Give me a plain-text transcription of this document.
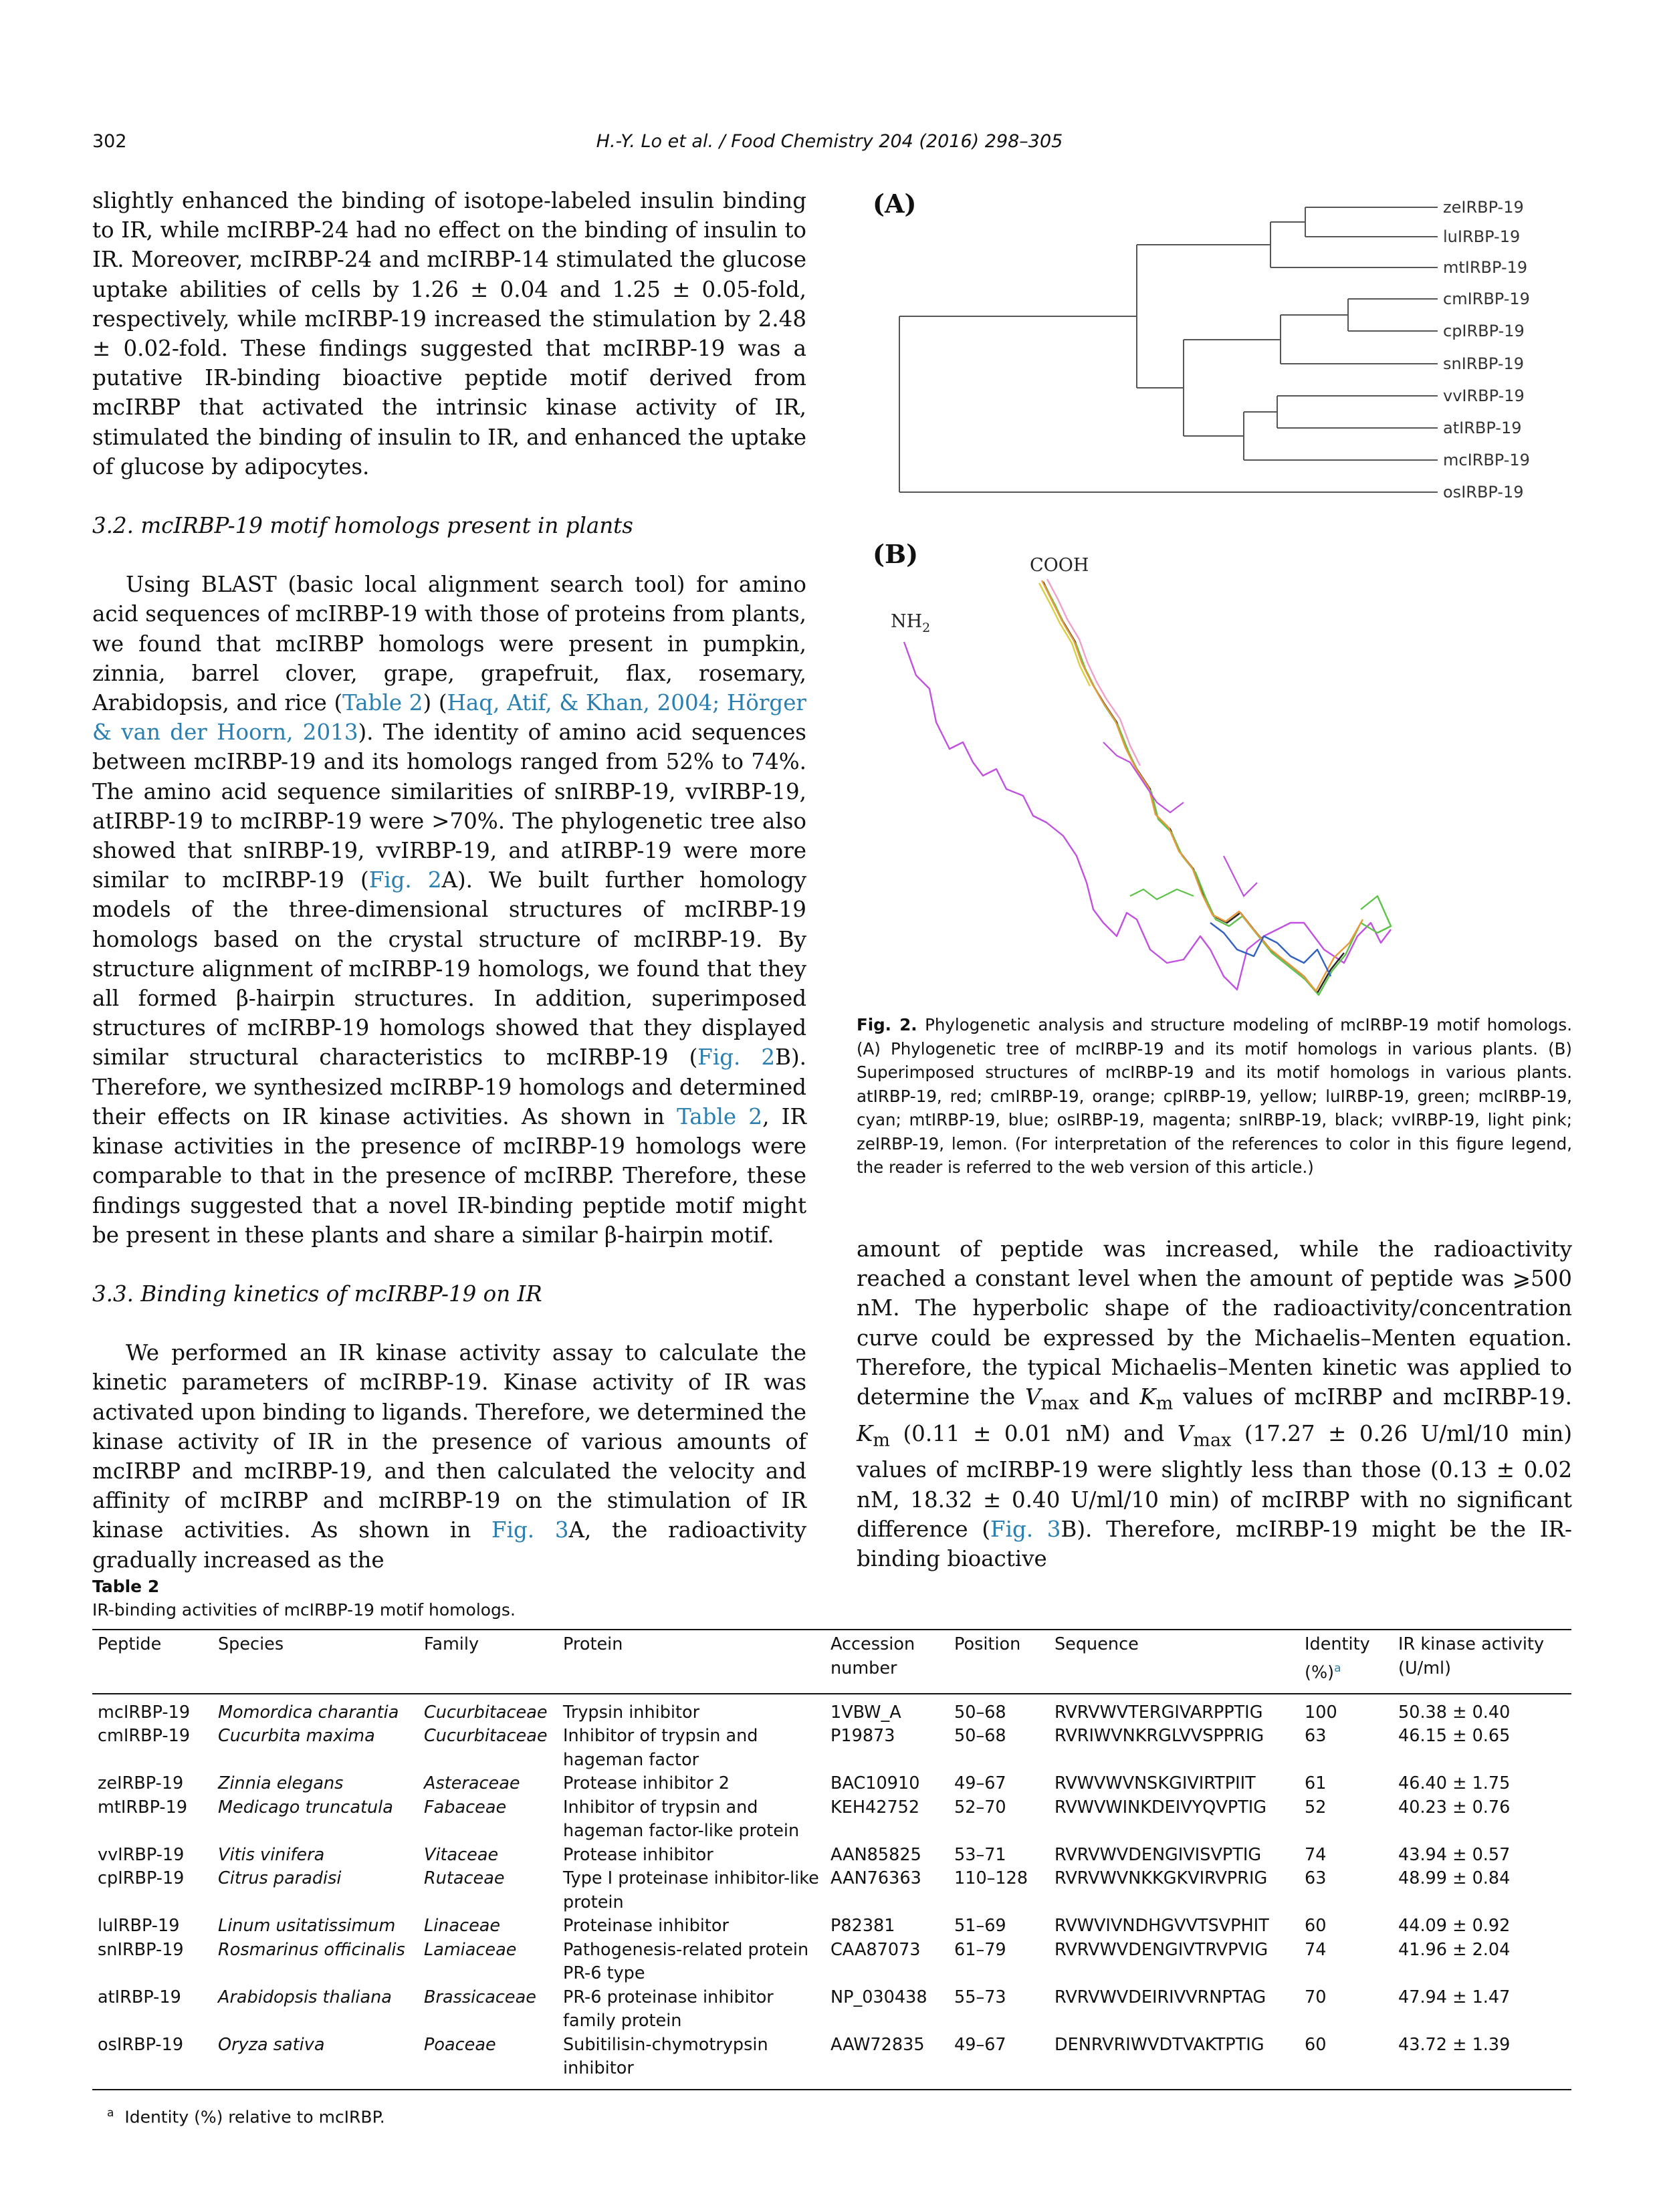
302	H.-Y. Lo et al. / Food Chemistry 204 (2016) 298–305

slightly enhanced the binding of isotope-labeled insulin binding to IR, while mcIRBP-24 had no effect on the binding of insulin to IR. Moreover, mcIRBP-24 and mcIRBP-14 stimulated the glucose uptake abilities of cells by 1.26 ± 0.04 and 1.25 ± 0.05-fold, respectively, while mcIRBP-19 increased the stimulation by 2.48 ± 0.02-fold. These findings suggested that mcIRBP-19 was a putative IR-binding bioactive peptide motif derived from mcIRBP that activated the intrinsic kinase activity of IR, stimulated the binding of insulin to IR, and enhanced the uptake of glucose by adipocytes.

3.2. mcIRBP-19 motif homologs present in plants

Using BLAST (basic local alignment search tool) for amino acid sequences of mcIRBP-19 with those of proteins from plants, we found that mcIRBP homologs were present in pumpkin, zinnia, barrel clover, grape, grapefruit, flax, rosemary, Arabidopsis, and rice (Table 2) (Haq, Atif, & Khan, 2004; Hörger & van der Hoorn, 2013). The identity of amino acid sequences between mcIRBP-19 and its homologs ranged from 52% to 74%. The amino acid sequence similarities of snIRBP-19, vvIRBP-19, atIRBP-19 to mcIRBP-19 were >70%. The phylogenetic tree also showed that snIRBP-19, vvIRBP-19, and atIRBP-19 were more similar to mcIRBP-19 (Fig. 2A). We built further homology models of the three-dimensional structures of mcIRBP-19 homologs based on the crystal structure of mcIRBP-19. By structure alignment of mcIRBP-19 homologs, we found that they all formed β-hairpin structures. In addition, superimposed structures of mcIRBP-19 homologs showed that they displayed similar structural characteristics to mcIRBP-19 (Fig. 2B). Therefore, we synthesized mcIRBP-19 homologs and determined their effects on IR kinase activities. As shown in Table 2, IR kinase activities in the presence of mcIRBP-19 homologs were comparable to that in the presence of mcIRBP. Therefore, these findings suggested that a novel IR-binding peptide motif might be present in these plants and share a similar β-hairpin motif.

3.3. Binding kinetics of mcIRBP-19 on IR

We performed an IR kinase activity assay to calculate the kinetic parameters of mcIRBP-19. Kinase activity of IR was activated upon binding to ligands. Therefore, we determined the kinase activity of IR in the presence of various amounts of mcIRBP and mcIRBP-19, and then calculated the velocity and affinity of mcIRBP and mcIRBP-19 on the stimulation of IR kinase activities. As shown in Fig. 3A, the radioactivity gradually increased as the

(A)
(B)
zeIRBP-19
luIRBP-19
mtIRBP-19
cmIRBP-19
cpIRBP-19
snIRBP-19
vvIRBP-19
atIRBP-19
mcIRBP-19
osIRBP-19
COOH
$NH_2$
Fig. 2. Phylogenetic analysis and structure modeling of mcIRBP-19 motif homologs. (A) Phylogenetic tree of mcIRBP-19 and its motif homologs in various plants. (B) Superimposed structures of mcIRBP-19 and its motif homologs in various plants. atIRBP-19, red; cmIRBP-19, orange; cpIRBP-19, yellow; luIRBP-19, green; mcIRBP-19, cyan; mtIRBP-19, blue; osIRBP-19, magenta; snIRBP-19, black; vvIRBP-19, light pink; zeIRBP-19, lemon. (For interpretation of the references to color in this figure legend, the reader is referred to the web version of this article.)

amount of peptide was increased, while the radioactivity reached a constant level when the amount of peptide was ⩾500 nM. The hyperbolic shape of the radioactivity/concentration curve could be expressed by the Michaelis–Menten equation. Therefore, the typical Michaelis–Menten kinetic was applied to determine the $V_{max}$ and $K_m$ values of mcIRBP and mcIRBP-19. $K_m$ (0.11 ± 0.01 nM) and $V_{max}$ (17.27 ± 0.26 U/ml/10 min) values of mcIRBP-19 were slightly less than those (0.13 ± 0.02 nM, 18.32 ± 0.40 U/ml/10 min) of mcIRBP with no significant difference (Fig. 3B). Therefore, mcIRBP-19 might be the IR-binding bioactive

Table 2
IR-binding activities of mcIRBP-19 motif homologs.
Peptide	Species	Family	Protein	Accession number	Position	Sequence	Identity (%)$^a$	IR kinase activity (U/ml)
mcIRBP-19	Momordica charantia	Cucurbitaceae	Trypsin inhibitor	1VBW_A	50–68	RVRVWVTERGIVARPPTIG	100	50.38 ± 0.40
cmIRBP-19	Cucurbita maxima	Cucurbitaceae	Inhibitor of trypsin and hageman factor	P19873	50–68	RVRIWVNKRGLVVSPPRIG	63	46.15 ± 0.65
zeIRBP-19	Zinnia elegans	Asteraceae	Protease inhibitor 2	BAC10910	49–67	RVWVWVNSKGIVIRTPIIT	61	46.40 ± 1.75
mtIRBP-19	Medicago truncatula	Fabaceae	Inhibitor of trypsin and hageman factor-like protein	KEH42752	52–70	RVWVWINKDEIVYQVPTIG	52	40.23 ± 0.76
vvIRBP-19	Vitis vinifera	Vitaceae	Protease inhibitor	AAN85825	53–71	RVRVWVDENGIVISVPTIG	74	43.94 ± 0.57
cpIRBP-19	Citrus paradisi	Rutaceae	Type I proteinase inhibitor-like protein	AAN76363	110–128	RVRVWVNKKGKVIRVPRIG	63	48.99 ± 0.84
luIRBP-19	Linum usitatissimum	Linaceae	Proteinase inhibitor	P82381	51–69	RVWVIVNDHGVVTSVPHIT	60	44.09 ± 0.92
snIRBP-19	Rosmarinus officinalis	Lamiaceae	Pathogenesis-related protein PR-6 type	CAA87073	61–79	RVRVWVDENGIVTRVPVIG	74	41.96 ± 2.04
atIRBP-19	Arabidopsis thaliana	Brassicaceae	PR-6 proteinase inhibitor family protein	NP_030438	55–73	RVRVWVDEIRIVVRNPTAG	70	47.94 ± 1.47
osIRBP-19	Oryza sativa	Poaceae	Subitilisin-chymotrypsin inhibitor	AAW72835	49–67	DENRVRIWVDTVAKTPTIG	60	43.72 ± 1.39
$^a$ Identity (%) relative to mcIRBP.
